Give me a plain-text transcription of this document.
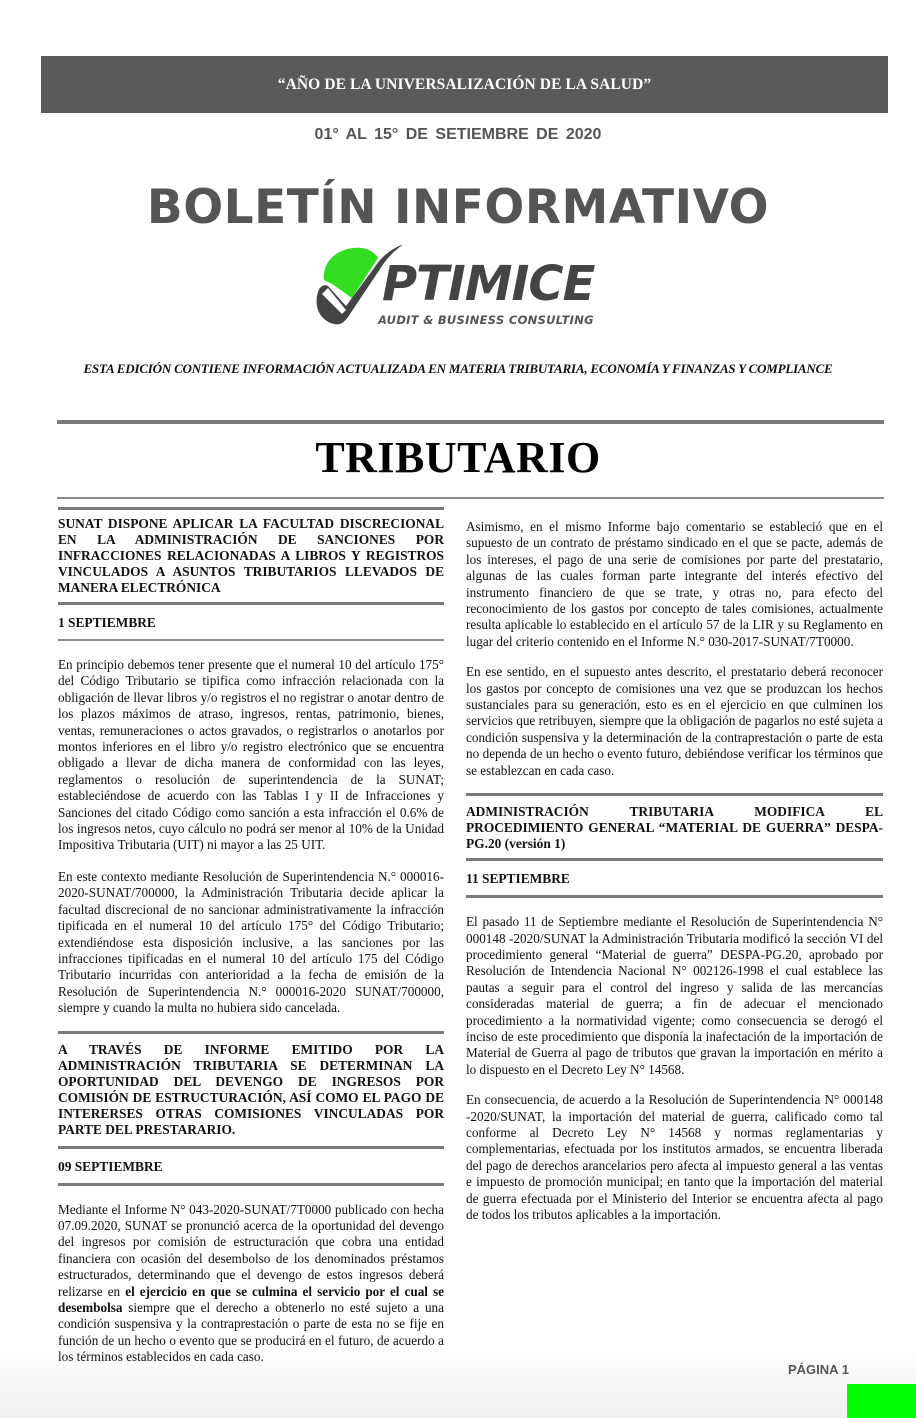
“AÑO DE LA UNIVERSALIZACIÓN DE LA SALUD”
01° AL 15° DE SETIEMBRE DE 2020
BOLETÍN INFORMATIVO
PTIMICE
AUDIT & BUSINESS CONSULTING
ESTA EDICIÓN CONTIENE INFORMACIÓN ACTUALIZADA EN MATERIA TRIBUTARIA, ECONOMÍA Y FINANZAS Y COMPLIANCE
TRIBUTARIO

SUNAT DISPONE APLICAR LA FACULTAD DISCRECIONAL EN LA ADMINISTRACIÓN DE SANCIONES POR INFRACCIONES RELACIONADAS A LIBROS Y REGISTROS VINCULADOS A ASUNTOS TRIBUTARIOS LLEVADOS DE MANERA ELECTRÓNICA

1 SEPTIEMBRE

En principio debemos tener presente que el numeral 10 del artículo 175° del Código Tributario se tipifica como infracción relacionada con la obligación de llevar libros y/o registros el no registrar o anotar dentro de los plazos máximos de atraso, ingresos, rentas, patrimonio, bienes, ventas, remuneraciones o actos gravados, o registrarlos o anotarlos por montos inferiores en el libro y/o registro electrónico que se encuentra obligado a llevar de dicha manera de conformidad con las leyes, reglamentos o resolución de superintendencia de la SUNAT; estableciéndose de acuerdo con las Tablas I y II de Infracciones y Sanciones del citado Código como sanción a esta infracción el 0.6% de los ingresos netos, cuyo cálculo no podrá ser menor al 10% de la Unidad Impositiva Tributaria (UIT) ni mayor a las 25 UIT.

En este contexto mediante Resolución de Superintendencia N.° 000016-2020-SUNAT/700000, la Administración Tributaria decide aplicar la facultad discrecional de no sancionar administrativamente la infracción tipificada en el numeral 10 del artículo 175° del Código Tributario; extendiéndose esta disposición inclusive, a las sanciones por las infracciones tipificadas en el numeral 10 del artículo 175 del Código Tributario incurridas con anterioridad a la fecha de emisión de la Resolución de Superintendencia N.° 000016-2020 SUNAT/700000, siempre y cuando la multa no hubiera sido cancelada.

A TRAVÉS DE INFORME EMITIDO POR LA ADMINISTRACIÓN TRIBUTARIA SE DETERMINAN LA OPORTUNIDAD DEL DEVENGO DE INGRESOS POR COMISIÓN DE ESTRUCTURACIÓN, ASÍ COMO EL PAGO DE INTERERSES OTRAS COMISIONES VINCULADAS POR PARTE DEL PRESTARARIO.

09 SEPTIEMBRE

Mediante el Informe N° 043-2020-SUNAT/7T0000 publicado con hecha 07.09.2020, SUNAT se pronunció acerca de la oportunidad del devengo del ingresos por comisión de estructuración que cobra una entidad financiera con ocasión del desembolso de los denominados préstamos estructurados, determinando que el devengo de estos ingresos deberá relizarse en el ejercicio en que se culmina el servicio por el cual se desembolsa siempre que el derecho a obtenerlo no esté sujeto a una condición suspensiva y la contraprestación o parte de esta no se fije en función de un hecho o evento que se producirá en el futuro, de acuerdo a los términos establecidos en cada caso.

Asimismo, en el mismo Informe bajo comentario se estableció que en el supuesto de un contrato de préstamo sindicado en el que se pacte, además de los intereses, el pago de una serie de comisiones por parte del prestatario, algunas de las cuales forman parte integrante del interés efectivo del instrumento financiero de que se trate, y otras no, para efecto del reconocimiento de los gastos por concepto de tales comisiones, actualmente resulta aplicable lo establecido en el artículo 57 de la LIR y su Reglamento en lugar del criterio contenido en el Informe N.° 030-2017-SUNAT/7T0000.

En ese sentido, en el supuesto antes descrito, el prestatario deberá reconocer los gastos por concepto de comisiones una vez que se produzcan los hechos sustanciales para su generación, esto es en el ejercicio en que culminen los servicios que retribuyen, siempre que la obligación de pagarlos no esté sujeta a condición suspensiva y la determinación de la contraprestación o parte de esta no dependa de un hecho o evento futuro, debiéndose verificar los términos que se establezcan en cada caso.

ADMINISTRACIÓN TRIBUTARIA MODIFICA EL PROCEDIMIENTO GENERAL “MATERIAL DE GUERRA” DESPA-PG.20 (versión 1)

11 SEPTIEMBRE

El pasado 11 de Septiembre mediante el Resolución de Superintendencia N° 000148 -2020/SUNAT la Administración Tributaria modificó la sección VI del procedimiento general “Material de guerra” DESPA-PG.20, aprobado por Resolución de Intendencia Nacional N° 002126-1998 el cual establece las pautas a seguir para el control del ingreso y salida de las mercancías consideradas material de guerra; a fin de adecuar el mencionado procedimiento a la normatividad vigente; como consecuencia se derogó el inciso de este procedimiento que disponía la inafectación de la importación de Material de Guerra al pago de tributos que gravan la importación en mérito a lo dispuesto en el Decreto Ley N° 14568.

En consecuencia, de acuerdo a la Resolución de Superintendencia N° 000148 -2020/SUNAT, la importación del material de guerra, calificado como tal conforme al Decreto Ley N° 14568 y normas reglamentarias y complementarias, efectuada por los institutos armados, se encuentra liberada del pago de derechos arancelarios pero afecta al impuesto general a las ventas e impuesto de promoción municipal; en tanto que la importación del material de guerra efectuada por el Ministerio del Interior se encuentra afecta al pago de todos los tributos aplicables a la importación.

PÁGINA 1
